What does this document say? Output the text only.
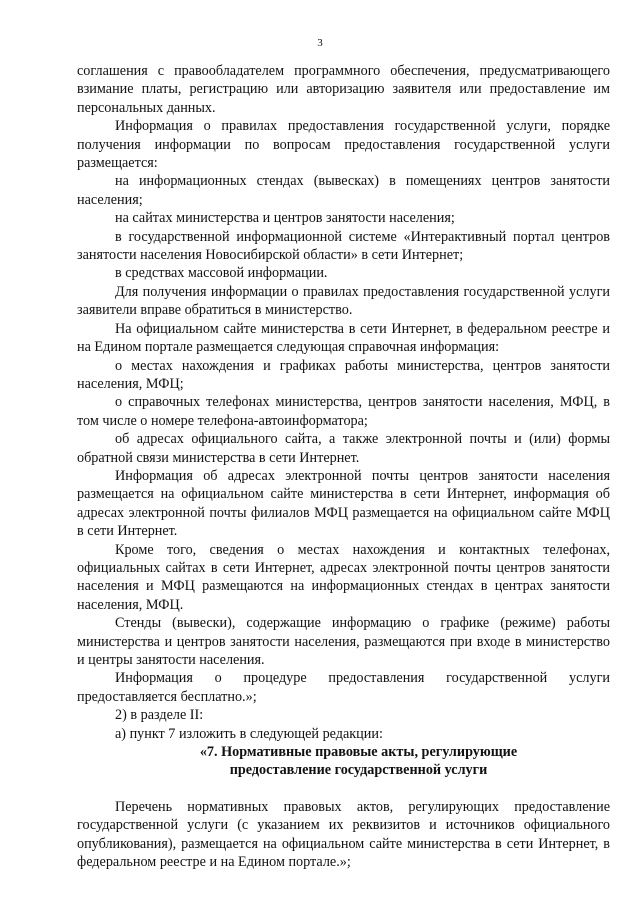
3

соглашения с правообладателем программного обеспечения, предусматривающего взимание платы, регистрацию или авторизацию заявителя или предоставление им персональных данных.

Информация о правилах предоставления государственной услуги, порядке получения информации по вопросам предоставления государственной услуги размещается:

на информационных стендах (вывесках) в помещениях центров занятости населения;

на сайтах министерства и центров занятости населения;

в государственной информационной системе «Интерактивный портал центров занятости населения Новосибирской области» в сети Интернет;

в средствах массовой информации.

Для получения информации о правилах предоставления государственной услуги заявители вправе обратиться в министерство.

На официальном сайте министерства в сети Интернет, в федеральном реестре и на Едином портале размещается следующая справочная информация:

о местах нахождения и графиках работы министерства, центров занятости населения, МФЦ;

о справочных телефонах министерства, центров занятости населения, МФЦ, в том числе о номере телефона-автоинформатора;

об адресах официального сайта, а также электронной почты и (или) формы обратной связи министерства в сети Интернет.

Информация об адресах электронной почты центров занятости населения размещается на официальном сайте министерства в сети Интернет, информация об адресах электронной почты филиалов МФЦ размещается на официальном сайте МФЦ в сети Интернет.

Кроме того, сведения о местах нахождения и контактных телефонах, официальных сайтах в сети Интернет, адресах электронной почты центров занятости населения и МФЦ размещаются на информационных стендах в центрах занятости населения, МФЦ.

Стенды (вывески), содержащие информацию о графике (режиме) работы министерства и центров занятости населения, размещаются при входе в министерство и центры занятости населения.

Информация о процедуре предоставления государственной услуги предоставляется бесплатно.»;

2) в разделе II:

а) пункт 7 изложить в следующей редакции:

«7. Нормативные правовые акты, регулирующие

предоставление государственной услуги

Перечень нормативных правовых актов, регулирующих предоставление государственной услуги (с указанием их реквизитов и источников официального опубликования), размещается на официальном сайте министерства в сети Интернет, в федеральном реестре и на Едином портале.»;
